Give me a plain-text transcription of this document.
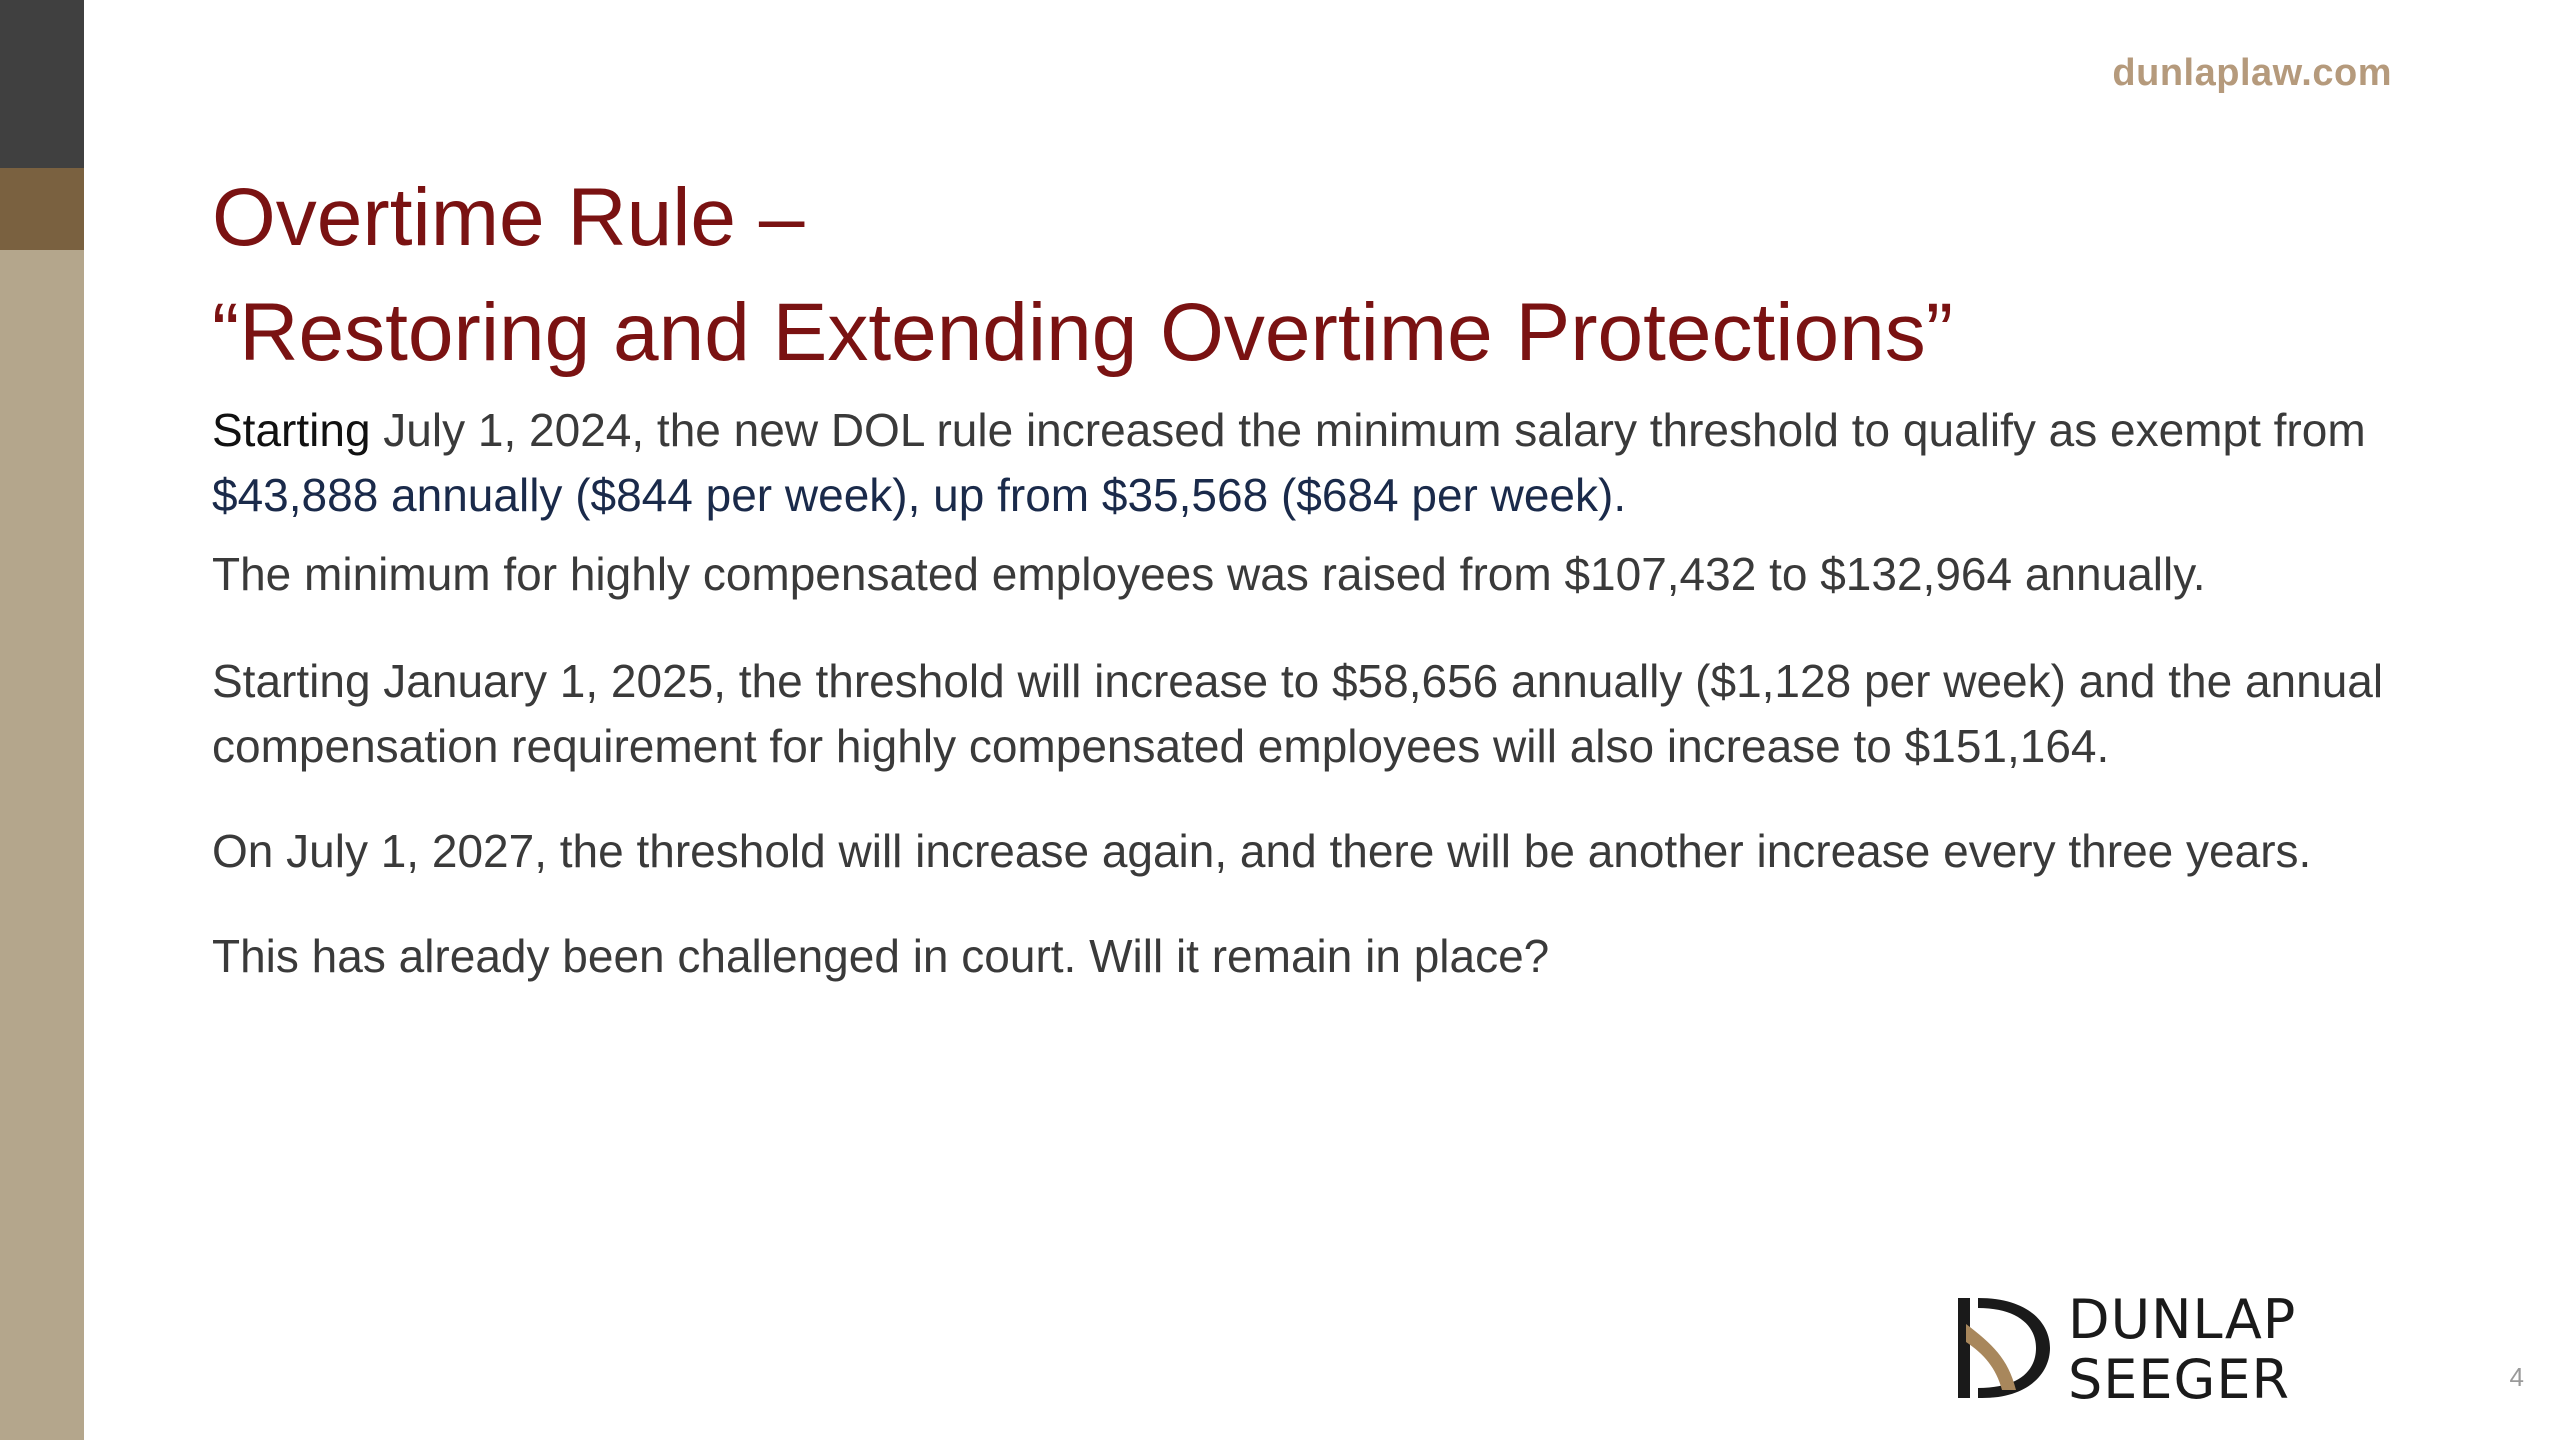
dunlaplaw.com
Overtime Rule –
“Restoring and Extending Overtime Protections”

Starting July 1, 2024, the new DOL rule increased the minimum salary threshold to qualify as exempt from $43,888 annually ($844 per week), up from $35,568 ($684 per week).

The minimum for highly compensated employees was raised from $107,432 to $132,964 annually.

Starting January 1, 2025, the threshold will increase to $58,656 annually ($1,128 per week) and the annual compensation requirement for highly compensated employees will also increase to $151,164.

On July 1, 2027, the threshold will increase again, and there will be another increase every three years.

This has already been challenged in court. Will it remain in place?

DUNLAP
SEEGER	4
